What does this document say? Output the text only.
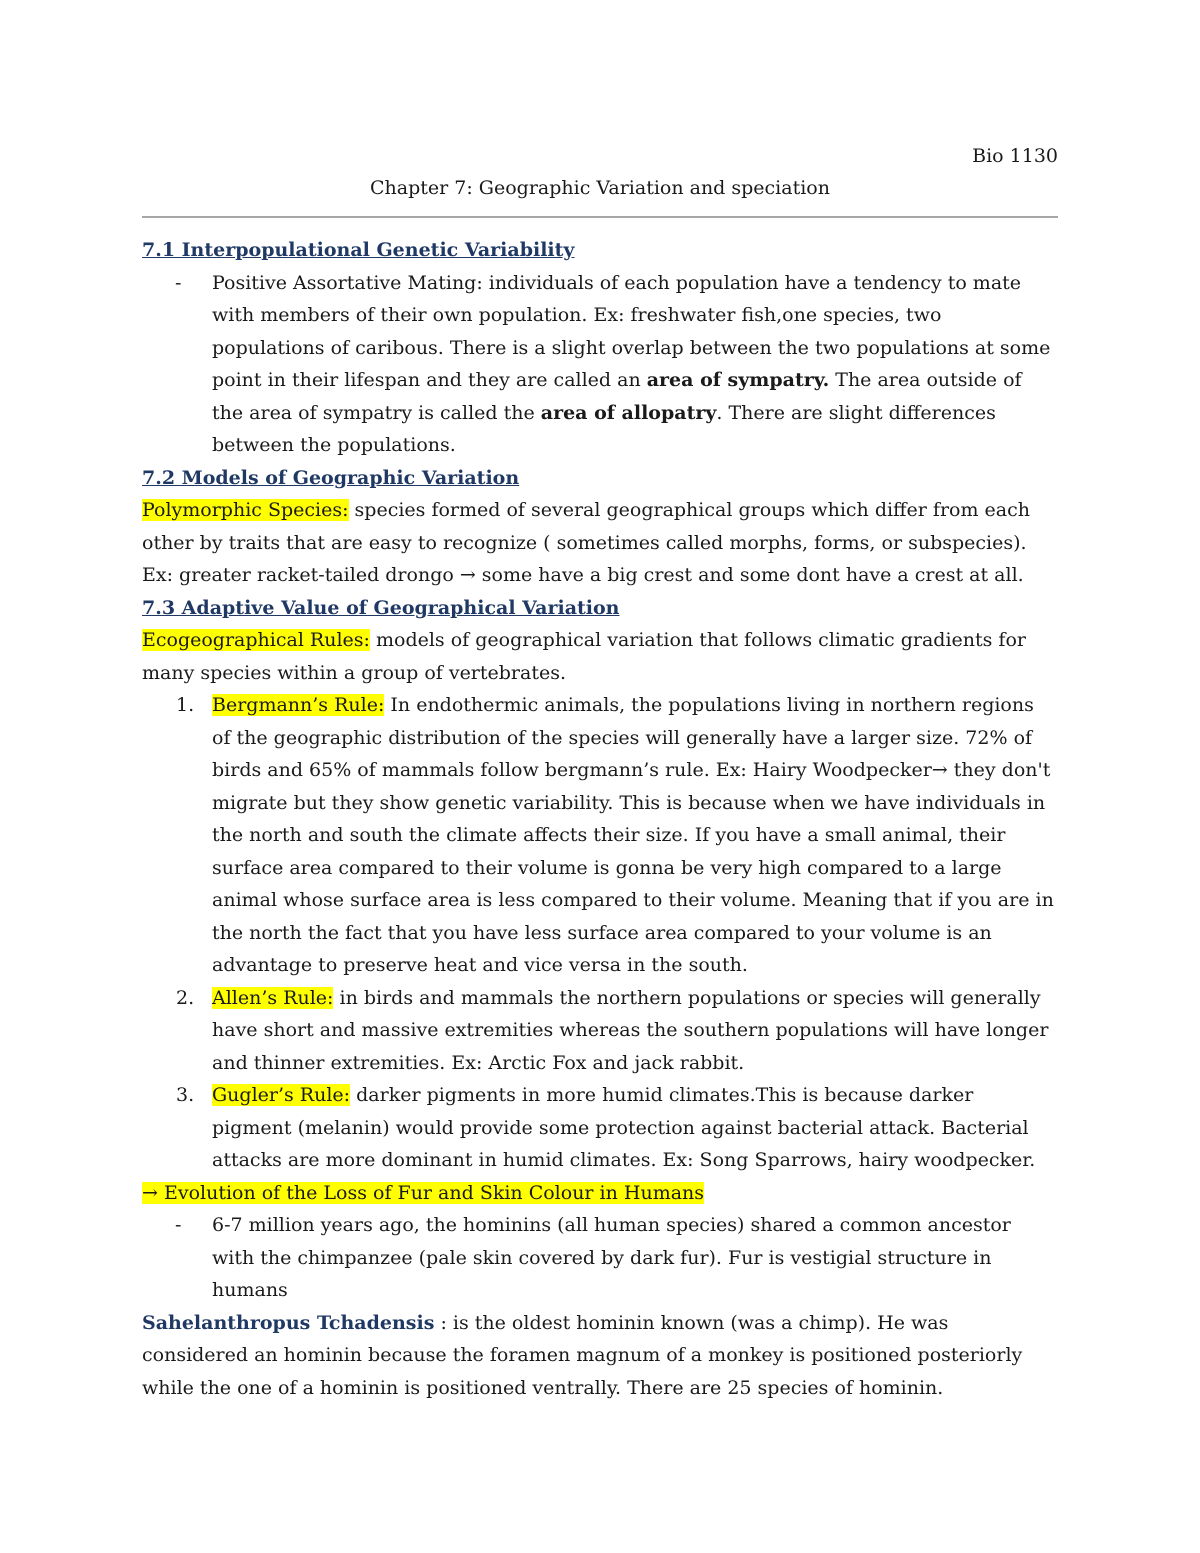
Bio 1130
Chapter 7: Geographic Variation and speciation

7.1 Interpopulational Genetic Variability

- Positive Assortative Mating: individuals of each population have a tendency to mate with members of their own population. Ex: freshwater fish,one species, two populations of caribous. There is a slight overlap between the two populations at some point in their lifespan and they are called an area of sympatry. The area outside of the area of sympatry is called the area of allopatry. There are slight differences between the populations.

7.2 Models of Geographic Variation

Polymorphic Species: species formed of several geographical groups which differ from each other by traits that are easy to recognize ( sometimes called morphs, forms, or subspecies). Ex: greater racket-tailed drongo → some have a big crest and some dont have a crest at all.

7.3 Adaptive Value of Geographical Variation

Ecogeographical Rules: models of geographical variation that follows climatic gradients for many species within a group of vertebrates.

1. Bergmann’s Rule: In endothermic animals, the populations living in northern regions of the geographic distribution of the species will generally have a larger size. 72% of birds and 65% of mammals follow bergmann’s rule. Ex: Hairy Woodpecker→ they don't migrate but they show genetic variability. This is because when we have individuals in the north and south the climate affects their size. If you have a small animal, their surface area compared to their volume is gonna be very high compared to a large animal whose surface area is less compared to their volume. Meaning that if you are in the north the fact that you have less surface area compared to your volume is an advantage to preserve heat and vice versa in the south.
2. Allen’s Rule: in birds and mammals the northern populations or species will generally have short and massive extremities whereas the southern populations will have longer and thinner extremities. Ex: Arctic Fox and jack rabbit.
3. Gugler’s Rule: darker pigments in more humid climates.This is because darker pigment (melanin) would provide some protection against bacterial attack. Bacterial attacks are more dominant in humid climates. Ex: Song Sparrows, hairy woodpecker.

→ Evolution of the Loss of Fur and Skin Colour in Humans

- 6-7 million years ago, the hominins (all human species) shared a common ancestor with the chimpanzee (pale skin covered by dark fur). Fur is vestigial structure in humans

Sahelanthropus Tchadensis : is the oldest hominin known (was a chimp). He was considered an hominin because the foramen magnum of a monkey is positioned posteriorly while the one of a hominin is positioned ventrally. There are 25 species of hominin.
